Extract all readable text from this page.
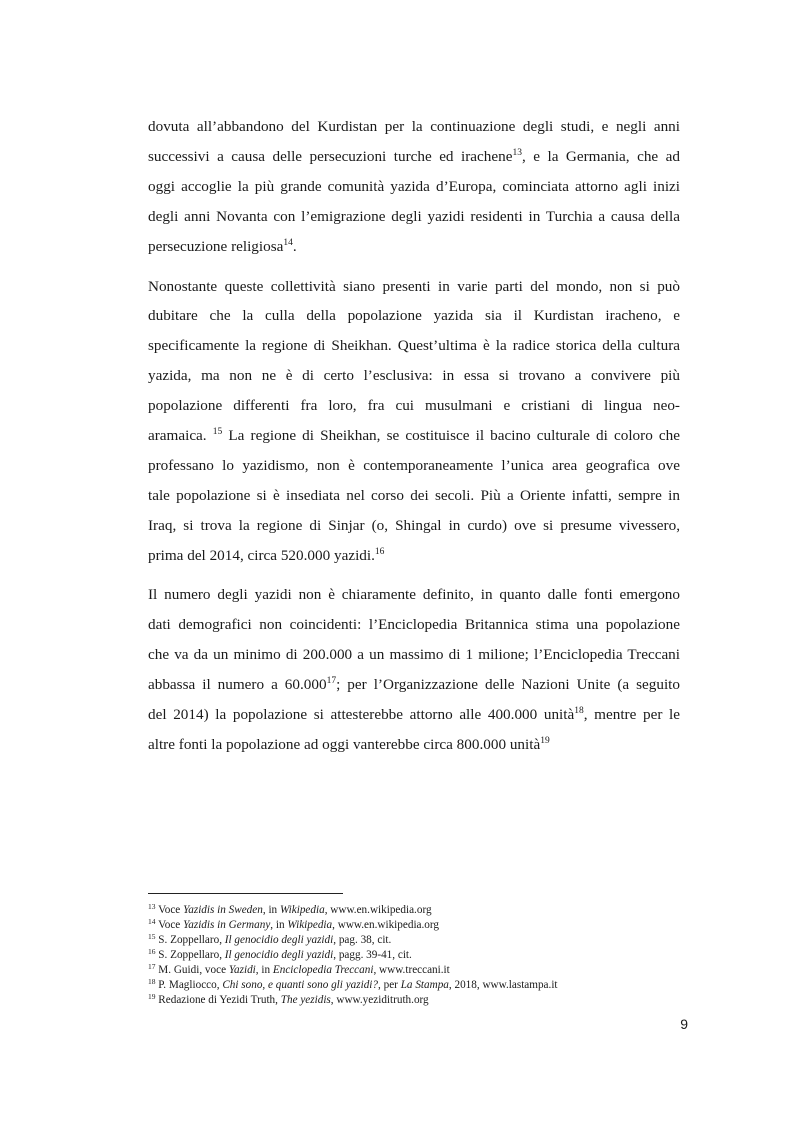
dovuta all’abbandono del Kurdistan per la continuazione degli studi, e negli anni
successivi a causa delle persecuzioni turche ed irachene$^{13}$, e la Germania, che ad
oggi accoglie la più grande comunità yazida d’Europa, cominciata attorno agli inizi
degli anni Novanta con l’emigrazione degli yazidi residenti in Turchia a causa della
persecuzione religiosa$^{14}$.
Nonostante queste collettività siano presenti in varie parti del mondo, non si può
dubitare che la culla della popolazione yazida sia il Kurdistan iracheno, e
specificamente la regione di Sheikhan. Quest’ultima è la radice storica della cultura
yazida, ma non ne è di certo l’esclusiva: in essa si trovano a convivere più
popolazione differenti fra loro, fra cui musulmani e cristiani di lingua neo-
aramaica. $^{15}$ La regione di Sheikhan, se costituisce il bacino culturale di coloro che
professano lo yazidismo, non è contemporaneamente l’unica area geografica ove
tale popolazione si è insediata nel corso dei secoli. Più a Oriente infatti, sempre in
Iraq, si trova la regione di Sinjar (o, Shingal in curdo) ove si presume vivessero,
prima del 2014, circa 520.000 yazidi.$^{16}$
Il numero degli yazidi non è chiaramente definito, in quanto dalle fonti emergono
dati demografici non coincidenti: l’Enciclopedia Britannica stima una popolazione
che va da un minimo di 200.000 a un massimo di 1 milione; l’Enciclopedia Treccani
abbassa il numero a 60.000$^{17}$; per l’Organizzazione delle Nazioni Unite (a seguito
del 2014) la popolazione si attesterebbe attorno alle 400.000 unità$^{18}$, mentre per le
altre fonti la popolazione ad oggi vanterebbe circa 800.000 unità$^{19}$
$^{13}$ Voce Yazidis in Sweden, in Wikipedia, www.en.wikipedia.org
$^{14}$ Voce Yazidis in Germany, in Wikipedia, www.en.wikipedia.org
$^{15}$ S. Zoppellaro, Il genocidio degli yazidi, pag. 38, cit.
$^{16}$ S. Zoppellaro, Il genocidio degli yazidi, pagg. 39-41, cit.
$^{17}$ M. Guidi, voce Yazidi, in Enciclopedia Treccani, www.treccani.it
$^{18}$ P. Magliocco, Chi sono, e quanti sono gli yazidi?, per La Stampa, 2018, www.lastampa.it
$^{19}$ Redazione di Yezidi Truth, The yezidis, www.yeziditruth.org
9
